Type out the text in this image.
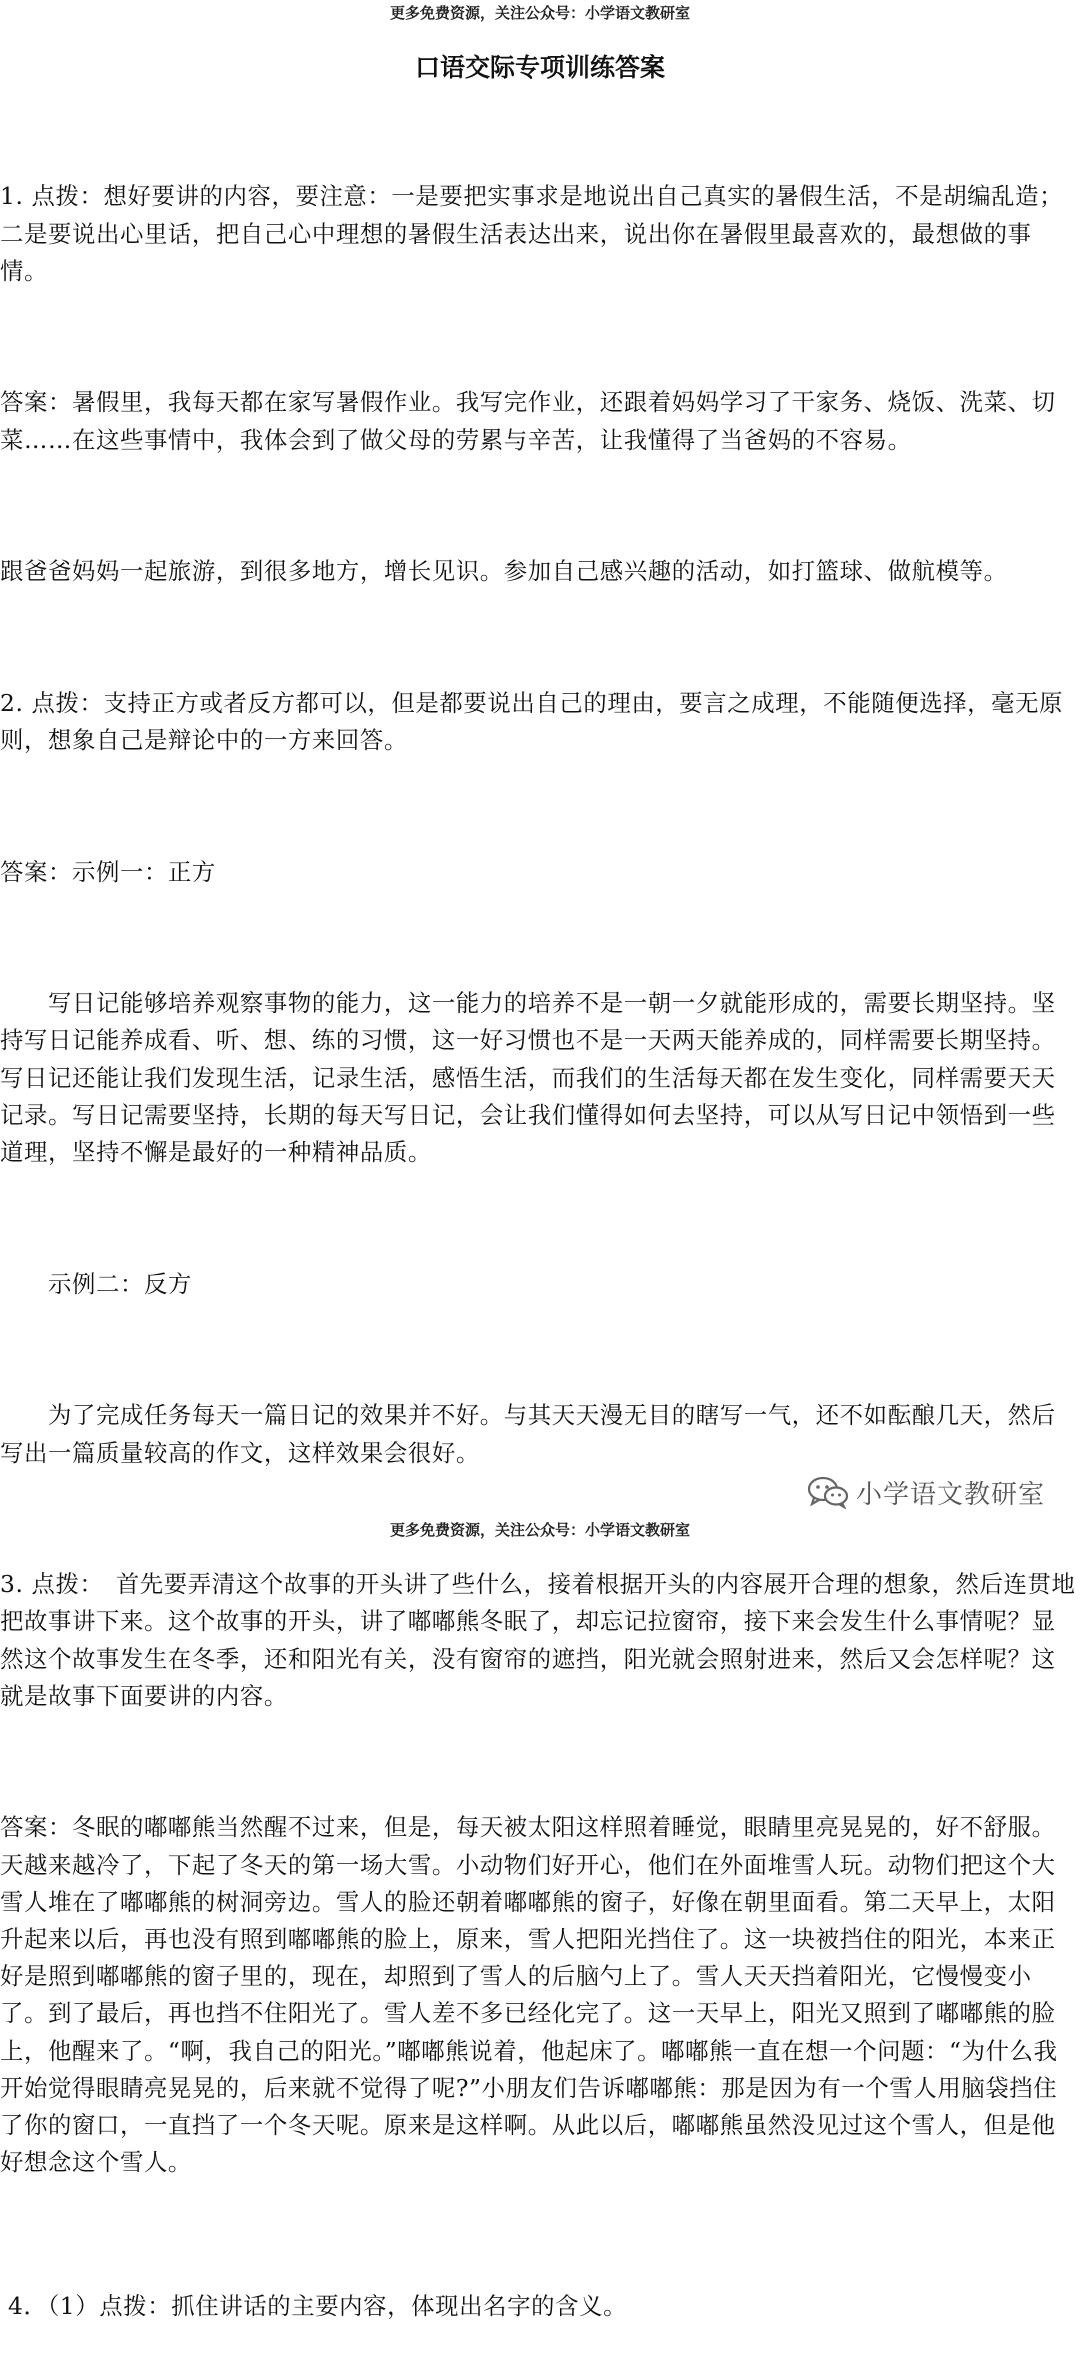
更多免费资源，关注公众号：小学语文教研室
口语交际专项训练答案

1. 点拨：想好要讲的内容，要注意：一是要把实事求是地说出自己真实的暑假生活，不是胡编乱造；二是要说出心里话，把自己心中理想的暑假生活表达出来，说出你在暑假里最喜欢的，最想做的事情。

答案：暑假里，我每天都在家写暑假作业。我写完作业，还跟着妈妈学习了干家务、烧饭、洗菜、切菜……在这些事情中，我体会到了做父母的劳累与辛苦，让我懂得了当爸妈的不容易。

跟爸爸妈妈一起旅游，到很多地方，增长见识。参加自己感兴趣的活动，如打篮球、做航模等。

2. 点拨：支持正方或者反方都可以，但是都要说出自己的理由，要言之成理，不能随便选择，毫无原则，想象自己是辩论中的一方来回答。

答案：示例一：正方

　　写日记能够培养观察事物的能力，这一能力的培养不是一朝一夕就能形成的，需要长期坚持。坚持写日记能养成看、听、想、练的习惯，这一好习惯也不是一天两天能养成的，同样需要长期坚持。写日记还能让我们发现生活，记录生活，感悟生活，而我们的生活每天都在发生变化，同样需要天天记录。写日记需要坚持，长期的每天写日记，会让我们懂得如何去坚持，可以从写日记中领悟到一些道理，坚持不懈是最好的一种精神品质。

　　示例二：反方

　　为了完成任务每天一篇日记的效果并不好。与其天天漫无目的瞎写一气，还不如酝酿几天，然后写出一篇质量较高的作文，这样效果会很好。

3. 点拨：　首先要弄清这个故事的开头讲了些什么，接着根据开头的内容展开合理的想象，然后连贯地把故事讲下来。这个故事的开头，讲了嘟嘟熊冬眠了，却忘记拉窗帘，接下来会发生什么事情呢？显然这个故事发生在冬季，还和阳光有关，没有窗帘的遮挡，阳光就会照射进来，然后又会怎样呢？这就是故事下面要讲的内容。

答案：冬眠的嘟嘟熊当然醒不过来，但是，每天被太阳这样照着睡觉，眼睛里亮晃晃的，好不舒服。天越来越冷了，下起了冬天的第一场大雪。小动物们好开心，他们在外面堆雪人玩。动物们把这个大雪人堆在了嘟嘟熊的树洞旁边。雪人的脸还朝着嘟嘟熊的窗子，好像在朝里面看。第二天早上，太阳升起来以后，再也没有照到嘟嘟熊的脸上，原来，雪人把阳光挡住了。这一块被挡住的阳光，本来正好是照到嘟嘟熊的窗子里的，现在，却照到了雪人的后脑勺上了。雪人天天挡着阳光，它慢慢变小了。到了最后，再也挡不住阳光了。雪人差不多已经化完了。这一天早上，阳光又照到了嘟嘟熊的脸上，他醒来了。“啊，我自己的阳光。”嘟嘟熊说着，他起床了。嘟嘟熊一直在想一个问题：“为什么我开始觉得眼睛亮晃晃的，后来就不觉得了呢?”小朋友们告诉嘟嘟熊：那是因为有一个雪人用脑袋挡住了你的窗口，一直挡了一个冬天呢。原来是这样啊。从此以后，嘟嘟熊虽然没见过这个雪人，但是他好想念这个雪人。

4．（1）点拨：抓住讲话的主要内容，体现出名字的含义。

小学语文教研室
更多免费资源，关注公众号：小学语文教研室
